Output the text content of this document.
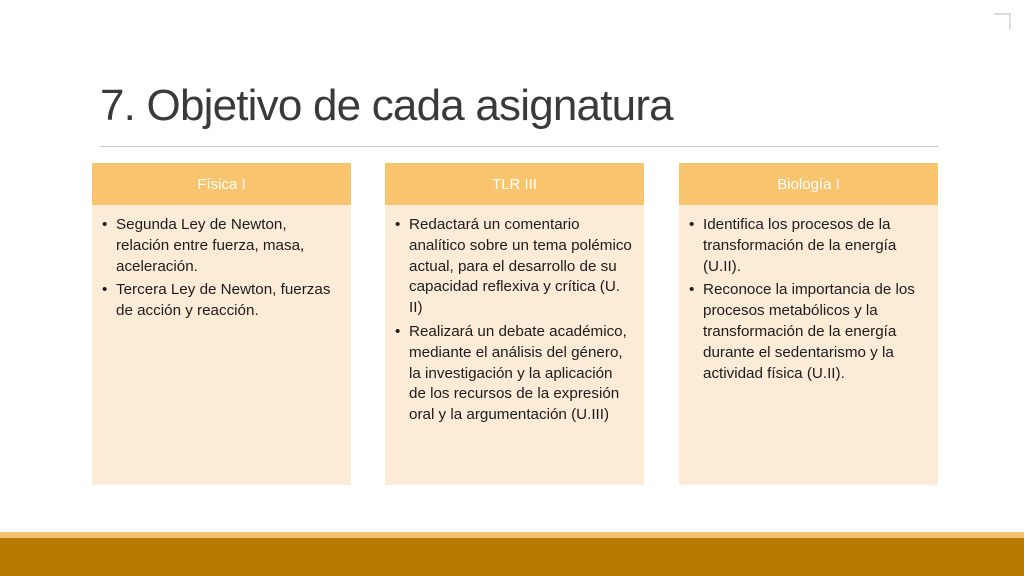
7. Objetivo de cada asignatura
Física I
• Segunda Ley de Newton, relación entre fuerza, masa, aceleración.
• Tercera Ley de Newton, fuerzas de acción y reacción.
TLR III
• Redactará un comentario analítico sobre un tema polémico actual, para el desarrollo de su capacidad reflexiva y crítica (U. II)
• Realizará un debate académico, mediante el análisis del género, la investigación y la aplicación de los recursos de la expresión oral y la argumentación (U.III)
Biología I
• Identifica los procesos de la transformación de la energía (U.II).
• Reconoce la importancia de los procesos metabólicos y la transformación de la energía durante el sedentarismo y la actividad física (U.II).
